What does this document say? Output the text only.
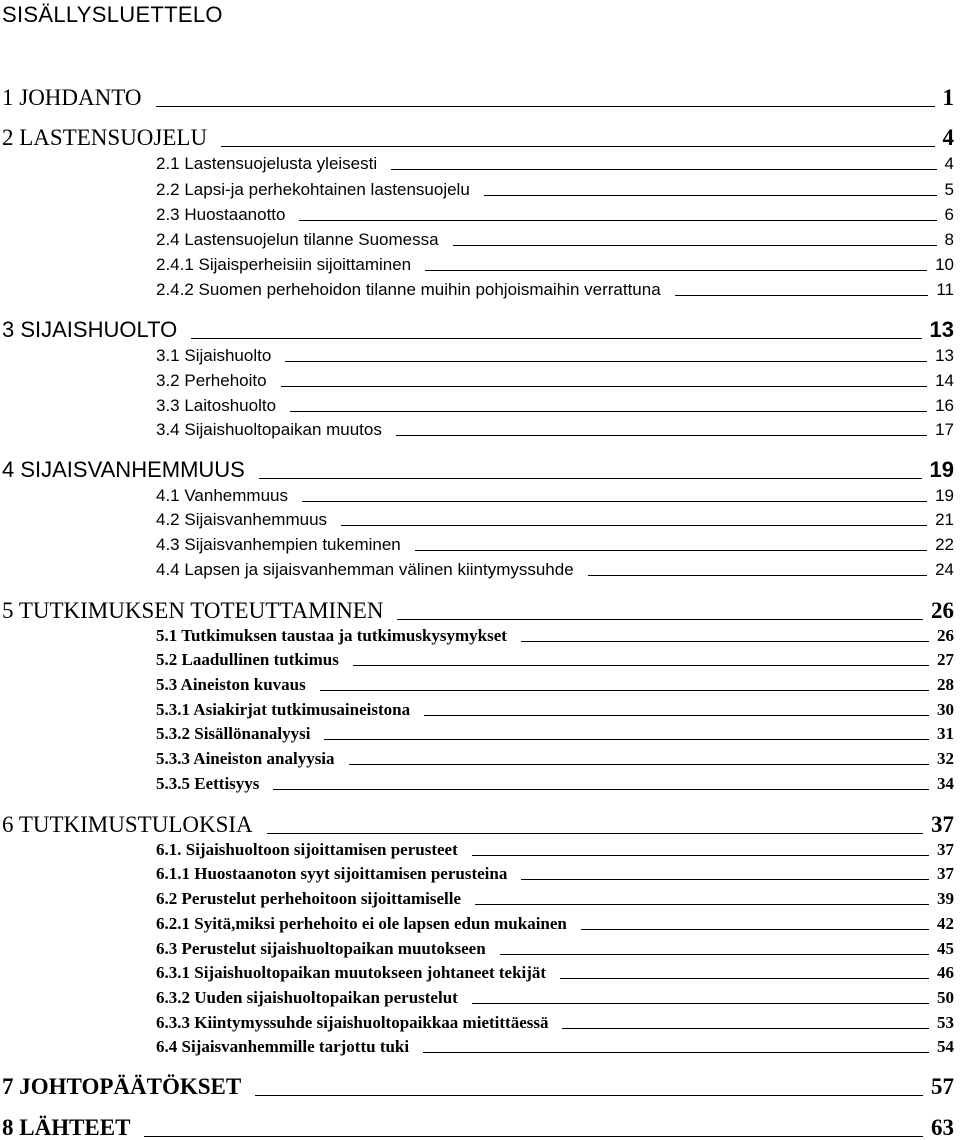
SISÄLLYSLUETTELO
1 JOHDANTO	1
2 LASTENSUOJELU	4
2.1 Lastensuojelusta yleisesti	4
2.2 Lapsi-ja perhekohtainen lastensuojelu	5
2.3 Huostaanotto	6
2.4 Lastensuojelun tilanne Suomessa	8
2.4.1 Sijaisperheisiin sijoittaminen	10
2.4.2 Suomen perhehoidon tilanne muihin pohjoismaihin verrattuna	11
3 SIJAISHUOLTO	13
3.1 Sijaishuolto	13
3.2 Perhehoito	14
3.3 Laitoshuolto	16
3.4 Sijaishuoltopaikan muutos	17
4 SIJAISVANHEMMUUS	19
4.1 Vanhemmuus	19
4.2 Sijaisvanhemmuus	21
4.3 Sijaisvanhempien tukeminen	22
4.4 Lapsen ja sijaisvanhemman välinen kiintymyssuhde	24
5 TUTKIMUKSEN TOTEUTTAMINEN	26
5.1 Tutkimuksen taustaa ja tutkimuskysymykset	26
5.2 Laadullinen tutkimus	27
5.3 Aineiston kuvaus	28
5.3.1 Asiakirjat tutkimusaineistona	30
5.3.2 Sisällönanalyysi	31
5.3.3 Aineiston analyysia	32
5.3.5 Eettisyys	34
6 TUTKIMUSTULOKSIA	37
6.1. Sijaishuoltoon sijoittamisen perusteet	37
6.1.1 Huostaanoton syyt sijoittamisen perusteina	37
6.2 Perustelut perhehoitoon sijoittamiselle	39
6.2.1 Syitä,miksi perhehoito ei ole lapsen edun mukainen	42
6.3 Perustelut sijaishuoltopaikan muutokseen	45
6.3.1 Sijaishuoltopaikan muutokseen johtaneet tekijät	46
6.3.2 Uuden sijaishuoltopaikan perustelut	50
6.3.3 Kiintymyssuhde sijaishuoltopaikkaa mietittäessä	53
6.4 Sijaisvanhemmille tarjottu tuki	54
7 JOHTOPÄÄTÖKSET	57
8 LÄHTEET	63
